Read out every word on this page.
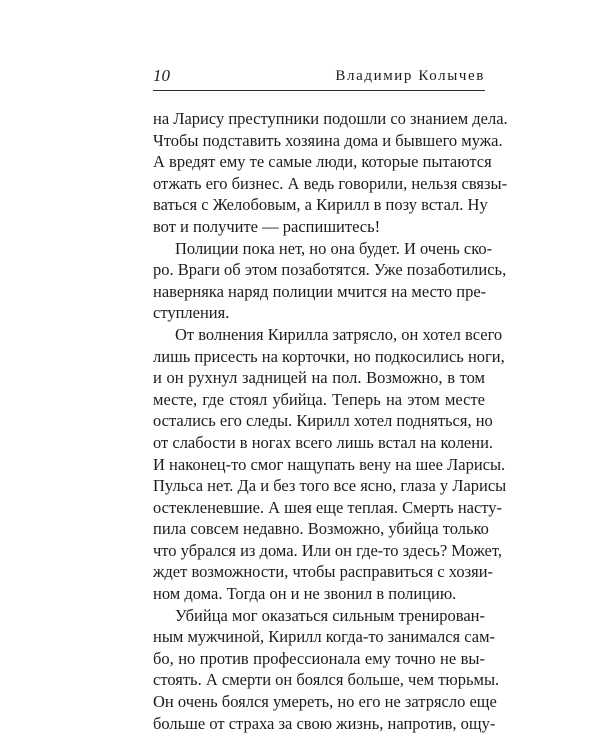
10	Владимир Колычев
на Ларису преступники подошли со знанием дела.
Чтобы подставить хозяина дома и бывшего мужа.
А вредят ему те самые люди, которые пытаются
отжать его бизнес. А ведь говорили, нельзя связы-
ваться с Желобовым, а Кирилл в позу встал. Ну
вот и получите — распишитесь!
Полиции пока нет, но она будет. И очень ско-
ро. Враги об этом позаботятся. Уже позаботились,
наверняка наряд полиции мчится на место пре-
ступления.
От волнения Кирилла затрясло, он хотел всего
лишь присесть на корточки, но подкосились ноги,
и он рухнул задницей на пол. Возможно, в том
месте, где стоял убийца. Теперь на этом месте
остались его следы. Кирилл хотел подняться, но
от слабости в ногах всего лишь встал на колени.
И наконец-то смог нащупать вену на шее Ларисы.
Пульса нет. Да и без того все ясно, глаза у Ларисы
остекленевшие. А шея еще теплая. Смерть насту-
пила совсем недавно. Возможно, убийца только
что убрался из дома. Или он где-то здесь? Может,
ждет возможности, чтобы расправиться с хозяи-
ном дома. Тогда он и не звонил в полицию.
Убийца мог оказаться сильным тренирован-
ным мужчиной, Кирилл когда-то занимался сам-
бо, но против профессионала ему точно не вы-
стоять. А смерти он боялся больше, чем тюрьмы.
Он очень боялся умереть, но его не затрясло еще
больше от страха за свою жизнь, напротив, ощу-
